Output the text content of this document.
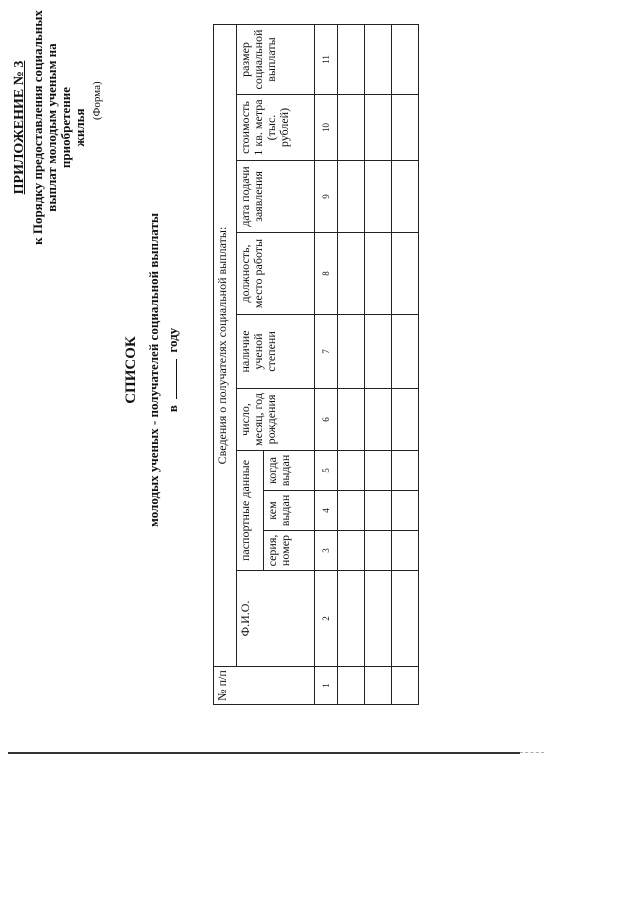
ПРИЛОЖЕНИЕ № 3 к Порядку предоставления социальных выплат молодым ученым на приобретение жилья
(Форма)
СПИСОК молодых ученых - получателей социальной выплаты в  году
№ п/п	Сведения о получателях социальной выплаты:									
	Ф.И.О.	паспортные данные			число, месяц, год рождения	наличие ученой степени	должность, место работы	дата подачи заявления	стоимость 1 кв. метра (тыс. рублей)	размер социальной выплаты
		серия, номер	кем выдан	когда выдан						
1	2	3	4	5	6	7	8	9	10	11
